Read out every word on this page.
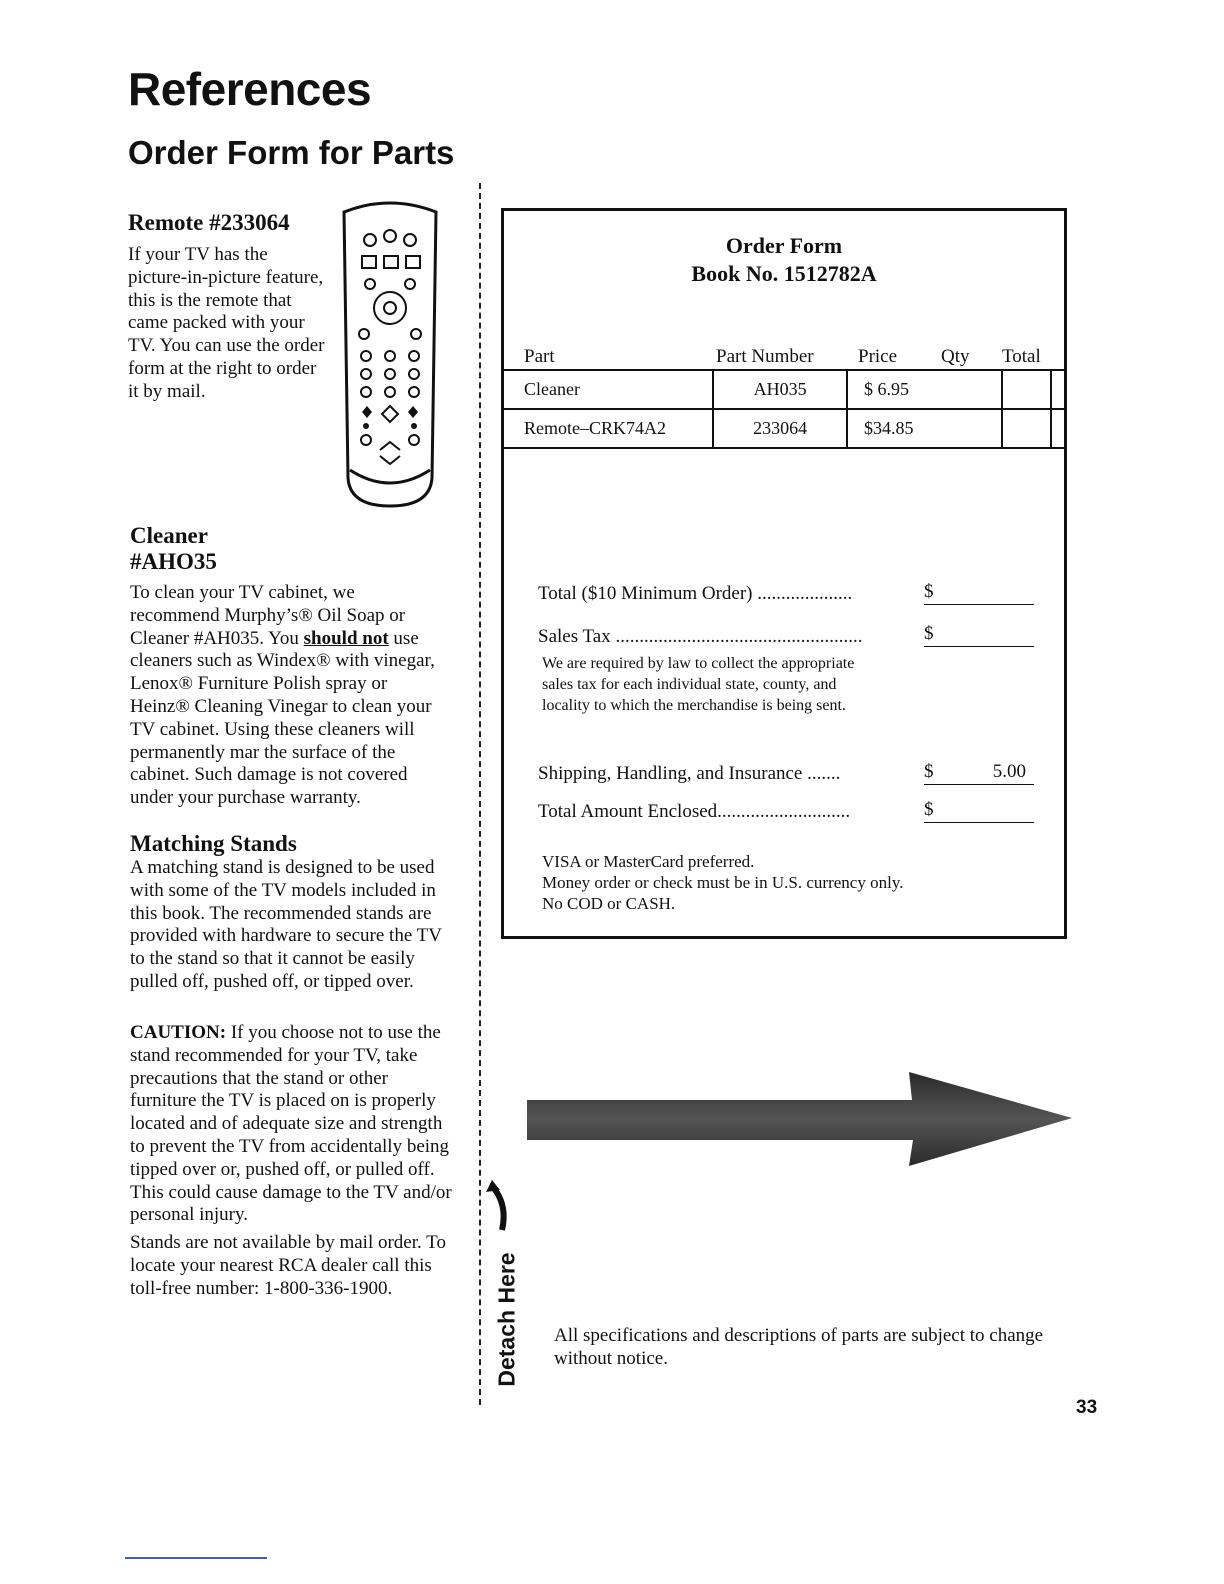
References
Order Form for Parts
Remote #233064
If your TV has the picture-in-picture feature, this is the remote that came packed with your TV. You can use the order form at the right to order it by mail.
Cleaner
#AHO35
To clean your TV cabinet, we recommend Murphy’s® Oil Soap or Cleaner #AH035. You should not use cleaners such as Windex® with vinegar, Lenox® Furniture Polish spray or Heinz® Cleaning Vinegar to clean your TV cabinet. Using these cleaners will permanently mar the surface of the cabinet. Such damage is not covered under your purchase warranty.
Matching Stands
A matching stand is designed to be used with some of the TV models included in this book. The recommended stands are provided with hardware to secure the TV to the stand so that it cannot be easily pulled off, pushed off, or tipped over.
CAUTION: If you choose not to use the stand recommended for your TV, take precautions that the stand or other furniture the TV is placed on is properly located and of adequate size and strength to prevent the TV from accidentally being tipped over or, pushed off, or pulled off. This could cause damage to the TV and/or personal injury.
Stands are not available by mail order. To locate your nearest RCA dealer call this toll-free number: 1-800-336-1900.	Detach Here
Order Form
Book No. 1512782A
Part	Part Number Price Qty Total
Cleaner	AH035	$ 6.95		
Remote–CRK74A2	233064	$34.85		
Total ($10 Minimum Order) ....................	$
Sales Tax ....................................................	$
We are required by law to collect the appropriate sales tax for each individual state, county, and locality to which the merchandise is being sent.
Shipping, Handling, and Insurance .......	$	5.00
Total Amount Enclosed............................	$
VISA or MasterCard preferred.
Money order or check must be in U.S. currency only.
No COD or CASH.
All specifications and descriptions of parts are subject to change without notice.
33
